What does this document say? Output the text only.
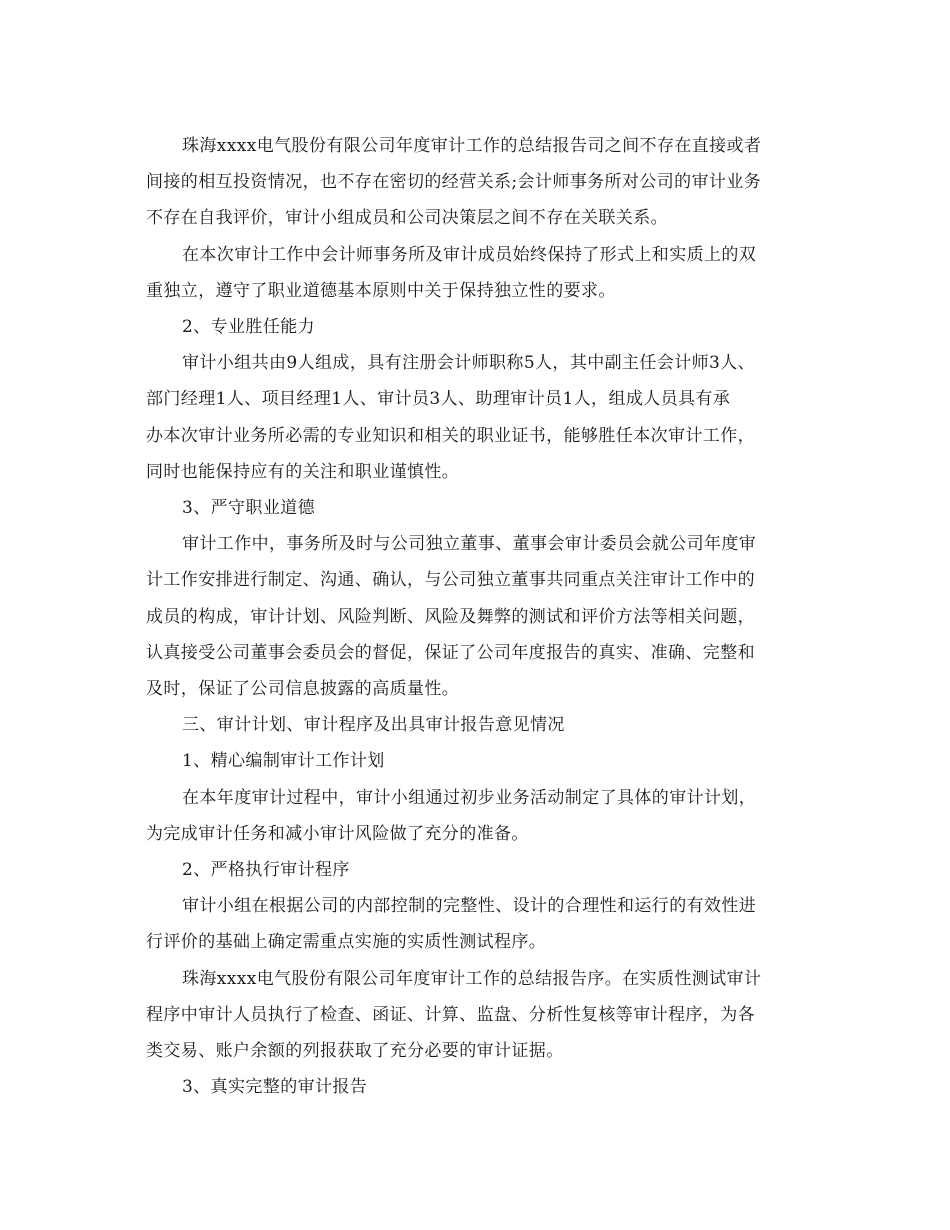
珠海xxxx电气股份有限公司年度审计工作的总结报告司之间不存在直接或者
间接的相互投资情况，也不存在密切的经营关系;会计师事务所对公司的审计业务
不存在自我评价，审计小组成员和公司决策层之间不存在关联关系。
在本次审计工作中会计师事务所及审计成员始终保持了形式上和实质上的双
重独立，遵守了职业道德基本原则中关于保持独立性的要求。
2、专业胜任能力
审计小组共由9人组成，具有注册会计师职称5人，其中副主任会计师3人、
部门经理1人、项目经理1人、审计员3人、助理审计员1人，组成人员具有承
办本次审计业务所必需的专业知识和相关的职业证书，能够胜任本次审计工作，
同时也能保持应有的关注和职业谨慎性。
3、严守职业道德
审计工作中，事务所及时与公司独立董事、董事会审计委员会就公司年度审
计工作安排进行制定、沟通、确认，与公司独立董事共同重点关注审计工作中的
成员的构成，审计计划、风险判断、风险及舞弊的测试和评价方法等相关问题，
认真接受公司董事会委员会的督促，保证了公司年度报告的真实、准确、完整和
及时，保证了公司信息披露的高质量性。
三、审计计划、审计程序及出具审计报告意见情况
1、精心编制审计工作计划
在本年度审计过程中，审计小组通过初步业务活动制定了具体的审计计划，
为完成审计任务和减小审计风险做了充分的准备。
2、严格执行审计程序
审计小组在根据公司的内部控制的完整性、设计的合理性和运行的有效性进
行评价的基础上确定需重点实施的实质性测试程序。
珠海xxxx电气股份有限公司年度审计工作的总结报告序。在实质性测试审计
程序中审计人员执行了检查、函证、计算、监盘、分析性复核等审计程序，为各
类交易、账户余额的列报获取了充分必要的审计证据。
3、真实完整的审计报告
